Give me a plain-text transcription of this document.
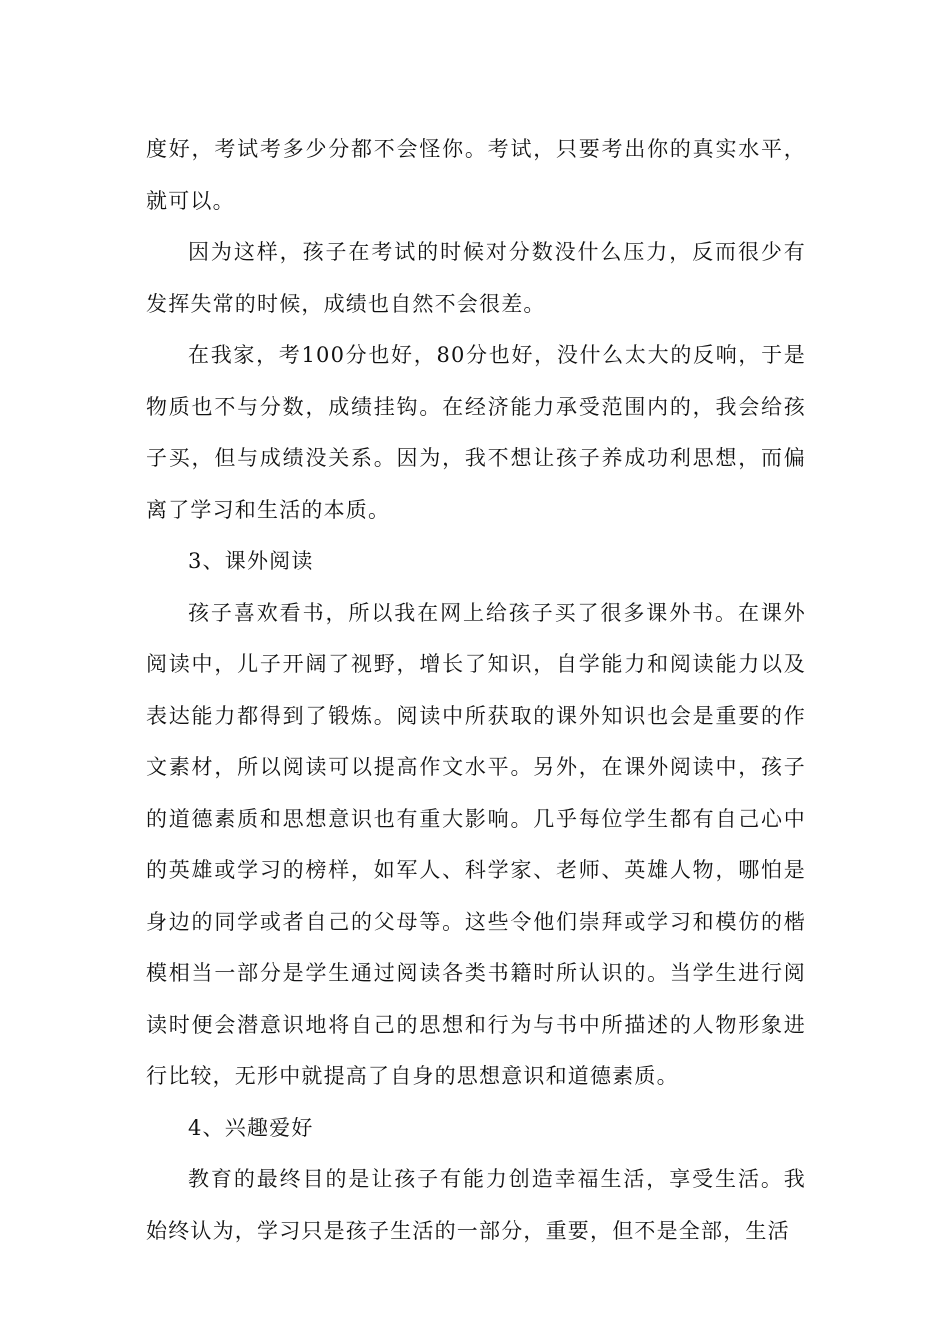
度好，考试考多少分都不会怪你。考试，只要考出你的真实水平，就可以。

因为这样，孩子在考试的时候对分数没什么压力，反而很少有发挥失常的时候，成绩也自然不会很差。

在我家，考100分也好，80分也好，没什么太大的反响，于是物质也不与分数，成绩挂钩。在经济能力承受范围内的，我会给孩子买，但与成绩没关系。因为，我不想让孩子养成功利思想，而偏离了学习和生活的本质。

3、课外阅读

孩子喜欢看书，所以我在网上给孩子买了很多课外书。在课外阅读中，儿子开阔了视野，增长了知识，自学能力和阅读能力以及表达能力都得到了锻炼。阅读中所获取的课外知识也会是重要的作文素材，所以阅读可以提高作文水平。另外，在课外阅读中，孩子的道德素质和思想意识也有重大影响。几乎每位学生都有自己心中的英雄或学习的榜样，如军人、科学家、老师、英雄人物，哪怕是身边的同学或者自己的父母等。这些令他们崇拜或学习和模仿的楷模相当一部分是学生通过阅读各类书籍时所认识的。当学生进行阅读时便会潜意识地将自己的思想和行为与书中所描述的人物形象进行比较，无形中就提高了自身的思想意识和道德素质。

4、兴趣爱好

教育的最终目的是让孩子有能力创造幸福生活，享受生活。我始终认为，学习只是孩子生活的一部分，重要，但不是全部，生活
